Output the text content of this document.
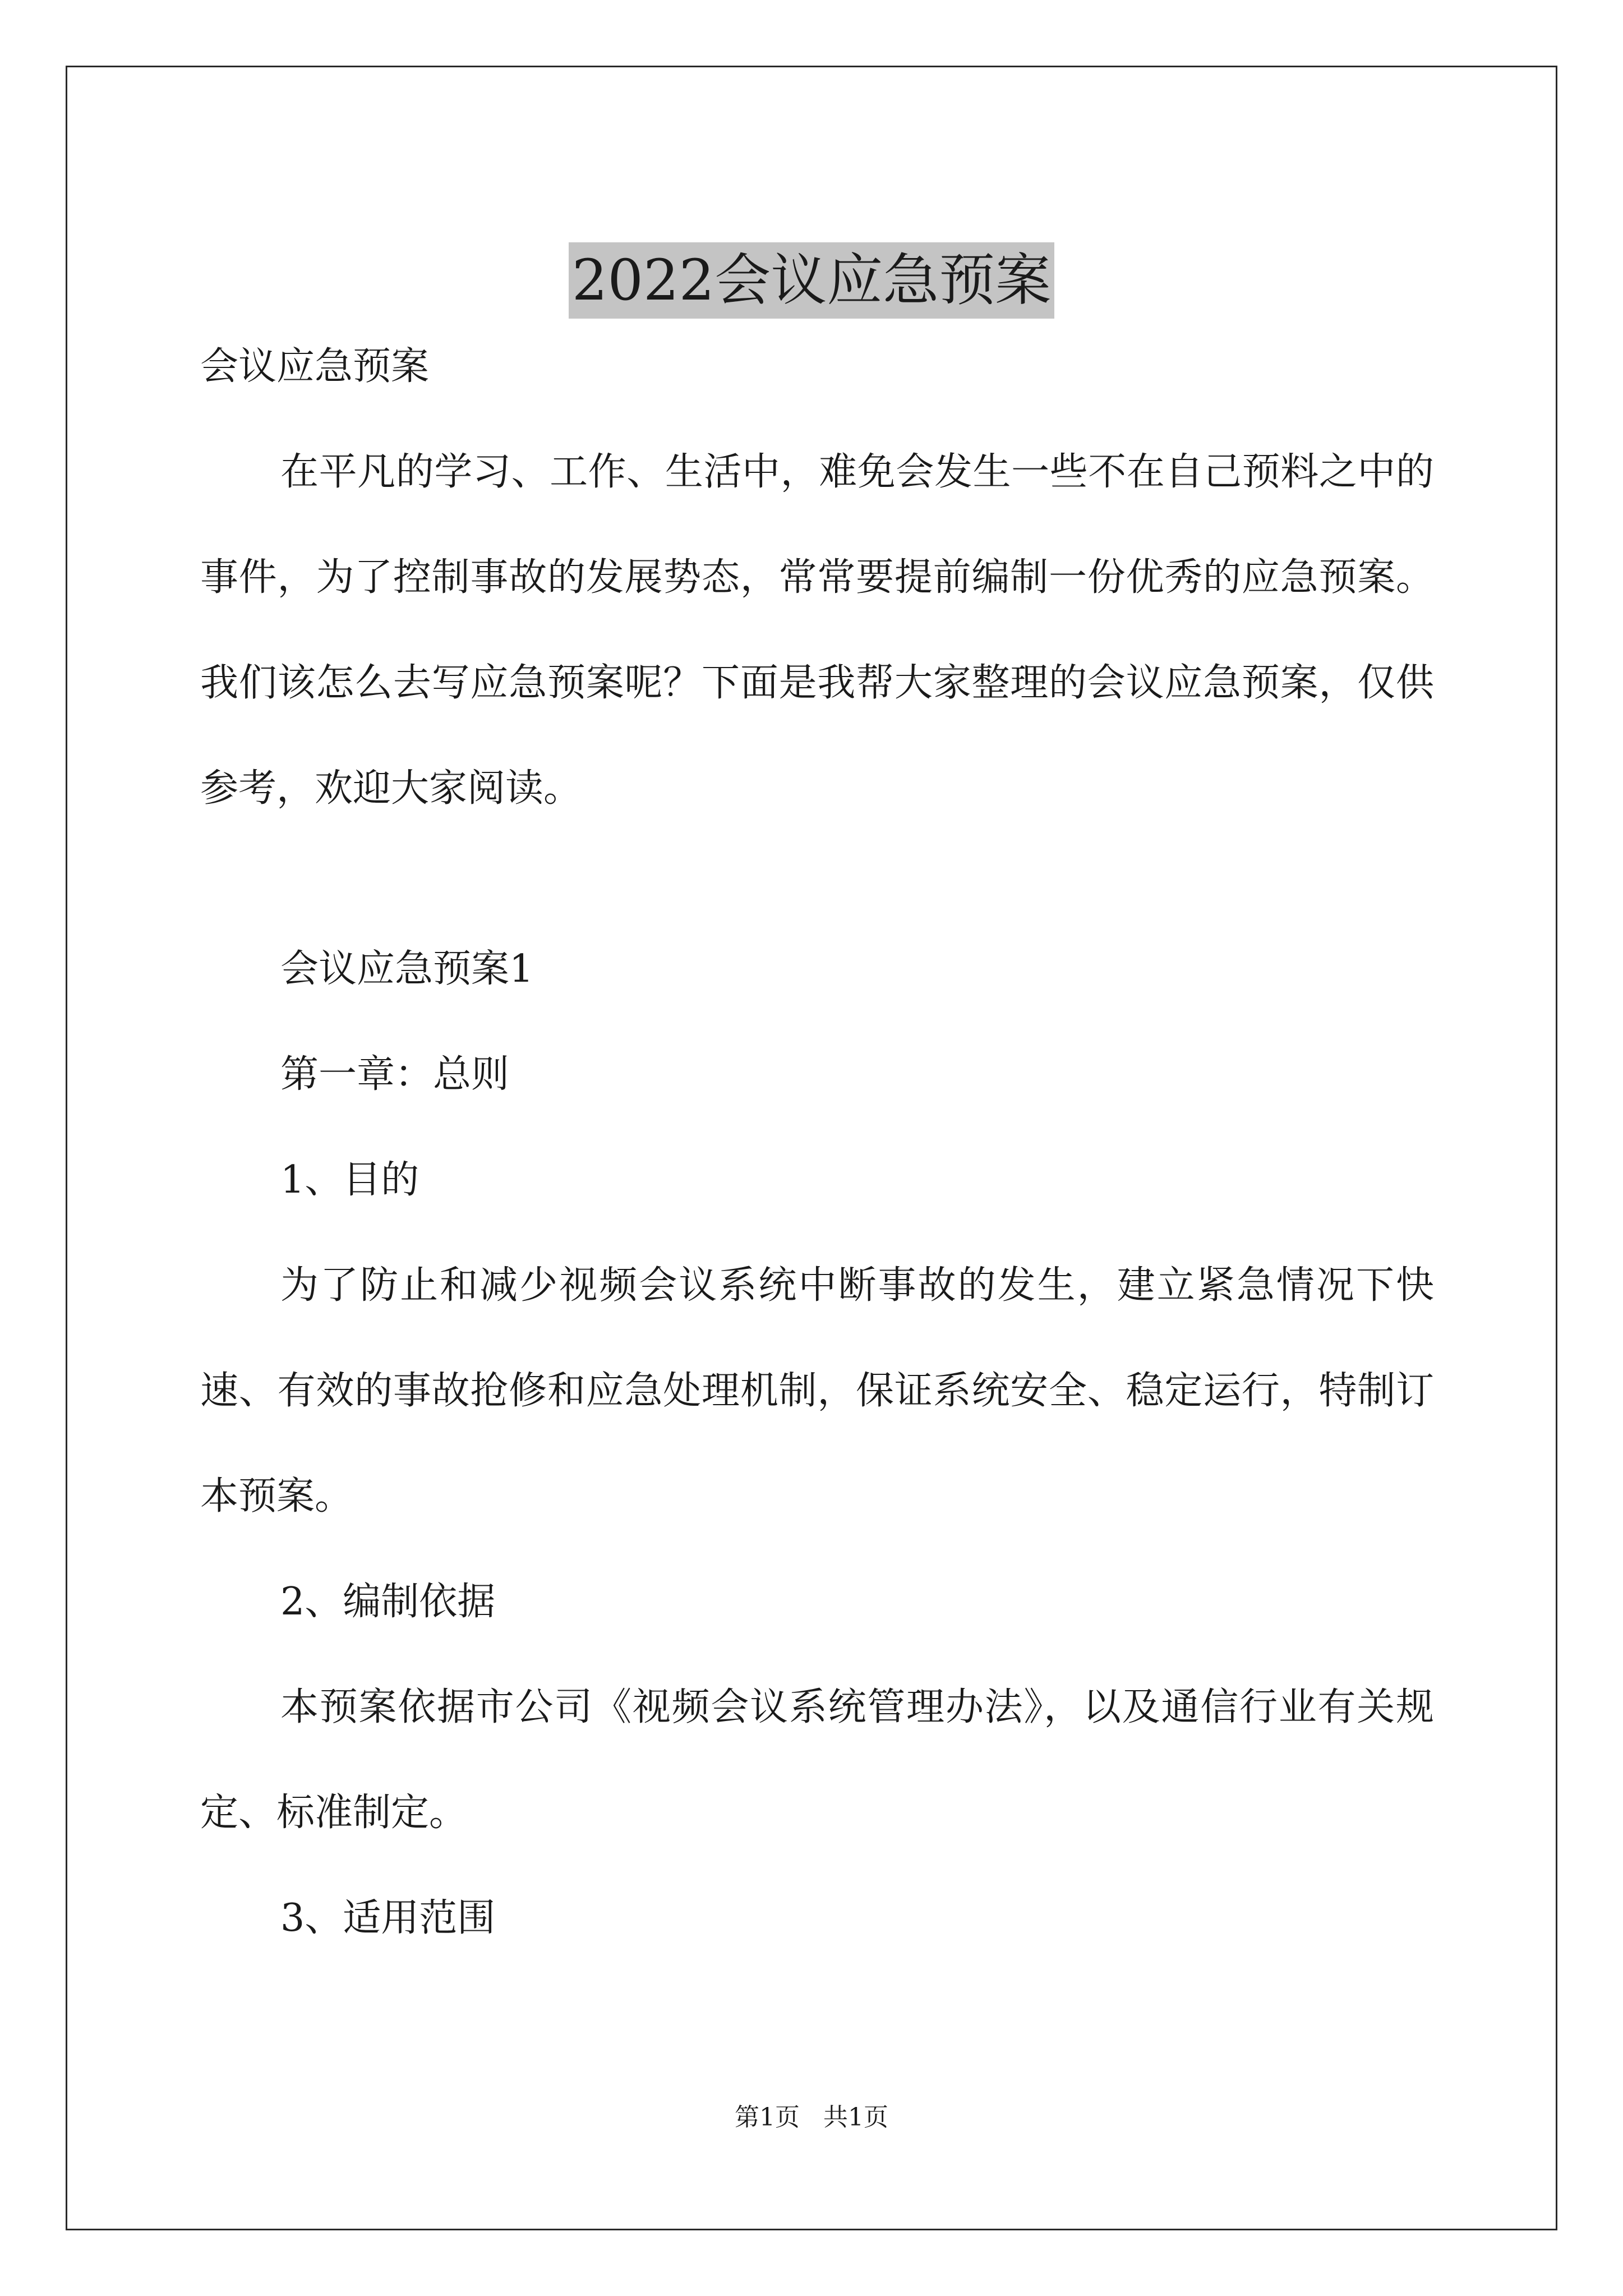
2022会议应急预案

会议应急预案

在平凡的学习、工作、生活中，难免会发生一些不在自己预料之中的事件，为了控制事故的发展势态，常常要提前编制一份优秀的应急预案。我们该怎么去写应急预案呢？下面是我帮大家整理的会议应急预案，仅供参考，欢迎大家阅读。

会议应急预案1

第一章：总则

1、目的

为了防止和减少视频会议系统中断事故的发生，建立紧急情况下快速、有效的事故抢修和应急处理机制，保证系统安全、稳定运行，特制订本预案。

2、编制依据

本预案依据市公司《视频会议系统管理办法》，以及通信行业有关规定、标准制定。

3、适用范围

第1页   共1页
